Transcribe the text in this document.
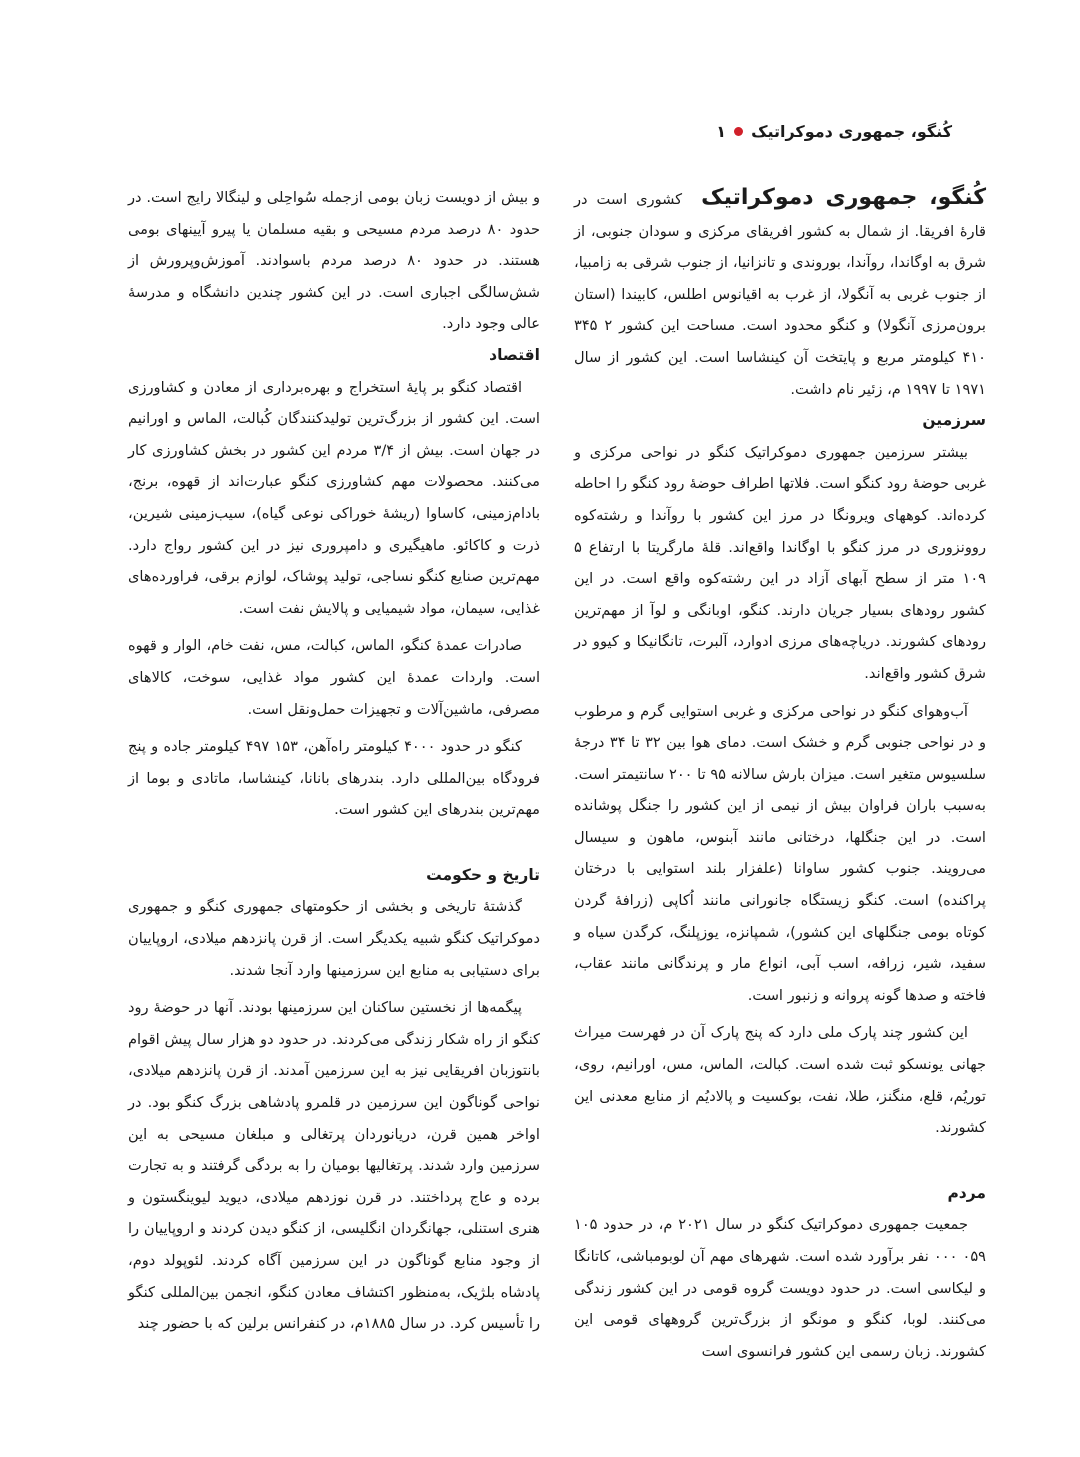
کُنگو، جمهوری دموکراتیک
۱

کُنگو، جمهوری دموکراتیک کشوری است در قارهٔ افریقا. از شمال به کشور افریقای مرکزی و سودان جنوبی، از شرق به اوگاندا، روآندا، بوروندی و تانزانیا، از جنوب شرقی به زامبیا، از جنوب غربی به آنگولا، از غرب به اقیانوس اطلس، کابیندا (استان برون‌مرزی آنگولا) و کنگو محدود است. مساحت این کشور ۲ ۳۴۵ ۴۱۰ کیلومتر مربع و پایتخت آن کینشاسا است. این کشور از سال ۱۹۷۱ تا ۱۹۹۷ م، زئیر نام داشت.

سرزمین

بیشتر سرزمین جمهوری دموکراتیک کنگو در نواحی مرکزی و غربی حوضهٔ رود کنگو است. فلاتها اطراف حوضهٔ رود کنگو را احاطه کرده‌اند. کوههای ویرونگا در مرز این کشور با روآندا و رشته‌کوه روونزوری در مرز کنگو با اوگاندا واقع‌اند. قلهٔ مارگریتا با ارتفاع ۵ ۱۰۹ متر از سطح آبهای آزاد در این رشته‌کوه واقع است. در این کشور رودهای بسیار جریان دارند. کنگو، اوبانگی و لوآ از مهم‌ترین رودهای کشورند. دریاچه‌های مرزی ادوارد، آلبرت، تانگانیکا و کیوو در شرق کشور واقع‌اند.

آب‌وهوای کنگو در نواحی مرکزی و غربی استوایی گرم و مرطوب و در نواحی جنوبی گرم و خشک است. دمای هوا بین ۳۲ تا ۳۴ درجهٔ سلسیوس متغیر است. میزان بارش سالانه ۹۵ تا ۲۰۰ سانتیمتر است. به‌سبب باران فراوان بیش از نیمی از این کشور را جنگل پوشانده است. در این جنگلها، درختانی مانند آبنوس، ماهون و سیسال می‌رویند. جنوب کشور ساوانا (علفزار بلند استوایی با درختان پراکنده) است. کنگو زیستگاه جانورانی مانند اُکاپی (زرافهٔ گردن کوتاه بومی جنگلهای این کشور)، شمپانزه، یوزپلنگ، کرگدن سیاه و سفید، شیر، زرافه، اسب آبی، انواع مار و پرندگانی مانند عقاب، فاخته و صدها گونه پروانه و زنبور است.

این کشور چند پارک ملی دارد که پنج پارک آن در فهرست میراث جهانی یونسکو ثبت شده است. کبالت، الماس، مس، اورانیم، روی، توریُم، قلع، منگنز، طلا، نفت، بوکسیت و پالادیُم از منابع معدنی این کشورند.

مردم

جمعیت جمهوری دموکراتیک کنگو در سال ۲۰۲۱ م، در حدود ۱۰۵ ۰۵۹ ۰۰۰ نفر برآورد شده است. شهرهای مهم آن لوبومباشی، کاتانگا و لیکاسی است. در حدود دویست گروه قومی در این کشور زندگی می‌کنند. لوبا، کنگو و مونگو از بزرگ‌ترین گروههای قومی این کشورند. زبان رسمی این کشور فرانسوی است

و بیش از دویست زبان بومی ازجمله سُواحِلی و لینگالا رایج است. در حدود ۸۰ درصد مردم مسیحی و بقیه مسلمان یا پیرو آیینهای بومی هستند. در حدود ۸۰ درصد مردم باسوادند. آموزش‌وپرورش از شش‌سالگی اجباری است. در این کشور چندین دانشگاه و مدرسهٔ عالی وجود دارد.

اقتصاد

اقتصاد کنگو بر پایهٔ استخراج و بهره‌برداری از معادن و کشاورزی است. این کشور از بزرگ‌ترین تولیدکنندگان کُبالت، الماس و اورانیم در جهان است. بیش از ۳/۴ مردم این کشور در بخش کشاورزی کار می‌کنند. محصولات مهم کشاورزی کنگو عبارت‌اند از قهوه، برنج، بادام‌زمینی، کاساوا (ریشهٔ خوراکی نوعی گیاه)، سیب‌زمینی شیرین، ذرت و کاکائو. ماهیگیری و دامپروری نیز در این کشور رواج دارد. مهم‌ترین صنایع کنگو نساجی، تولید پوشاک، لوازم برقی، فراورده‌های غذایی، سیمان، مواد شیمیایی و پالایش نفت است.

صادرات عمدهٔ کنگو، الماس، کبالت، مس، نفت خام، الوار و قهوه است. واردات عمدهٔ این کشور مواد غذایی، سوخت، کالاهای مصرفی، ماشین‌آلات و تجهیزات حمل‌ونقل است.

کنگو در حدود ۴۰۰۰ کیلومتر راه‌آهن، ۱۵۳ ۴۹۷ کیلومتر جاده و پنج فرودگاه بین‌المللی دارد. بندرهای بانانا، کینشاسا، ماتادی و بوما از مهم‌ترین بندرهای این کشور است.

تاریخ و حکومت

گذشتهٔ تاریخی و بخشی از حکومتهای جمهوری کنگو و جمهوری دموکراتیک کنگو شبیه یکدیگر است. از قرن پانزدهم میلادی، اروپاییان برای دستیابی به منابع این سرزمینها وارد آنجا شدند.

پیگمه‌ها از نخستین ساکنان این سرزمینها بودند. آنها در حوضهٔ رود کنگو از راه شکار زندگی می‌کردند. در حدود دو هزار سال پیش اقوام بانتوزبان افریقایی نیز به این سرزمین آمدند. از قرن پانزدهم میلادی، نواحی گوناگون این سرزمین در قلمرو پادشاهی بزرگ کنگو بود. در اواخر همین قرن، دریانوردان پرتغالی و مبلغان مسیحی به این سرزمین وارد شدند. پرتغالیها بومیان را به بردگی گرفتند و به تجارت برده و عاج پرداختند. در قرن نوزدهم میلادی، دیوید لیوینگستون و هنری استنلی، جهانگردان انگلیسی، از کنگو دیدن کردند و اروپاییان را از وجود منابع گوناگون در این سرزمین آگاه کردند. لئوپولد دوم، پادشاه بلژیک، به‌منظور اکتشاف معادن کنگو، انجمن بین‌المللی کنگو را تأسیس کرد. در سال ۱۸۸۵م، در کنفرانس برلین که با حضور چند
